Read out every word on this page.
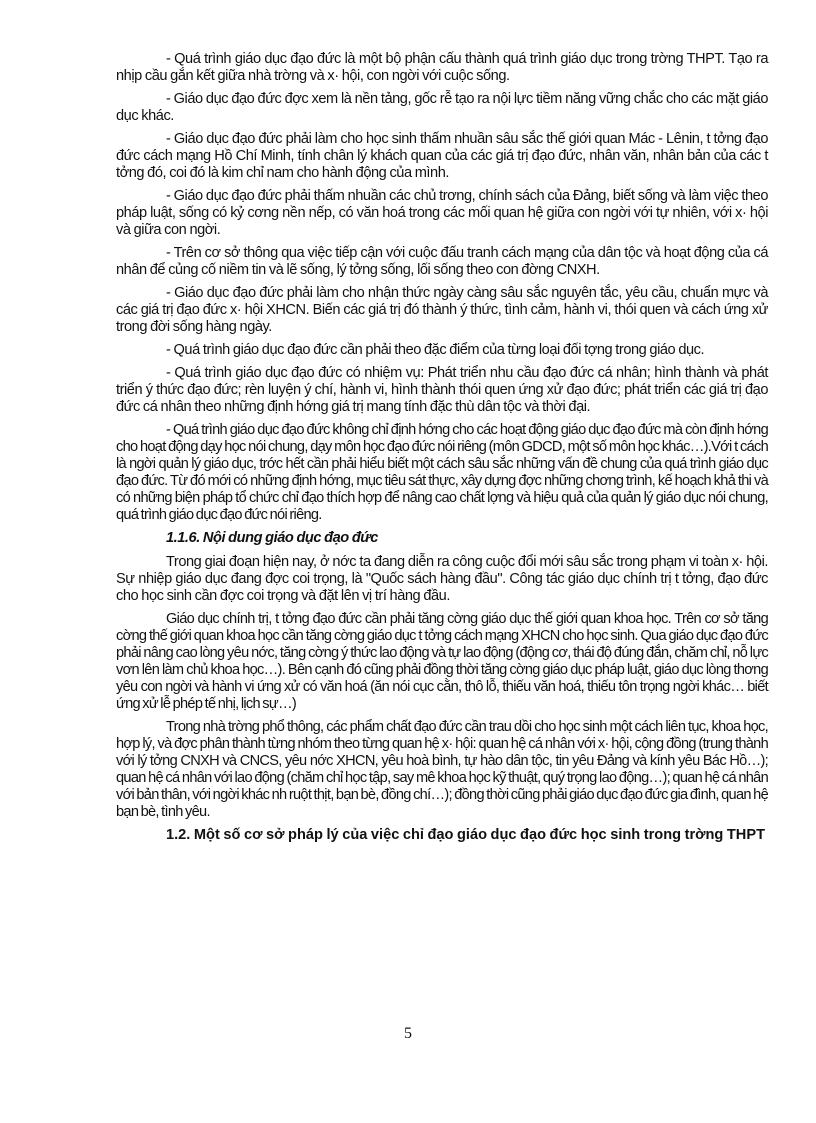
- Quá trình giáo dục đạo đức là một bộ phận cấu thành quá trình giáo dục trong trờng THPT. Tạo ra nhịp cầu gắn kết giữa nhà trờng và x· hội, con ngời với cuộc sống.

- Giáo dục đạo đức đợc xem là nền tảng, gốc rễ tạo ra nội lực tiềm năng vững chắc cho các mặt giáo dục khác.

- Giáo dục đạo đức phải làm cho học sinh thấm nhuần sâu sắc thế giới quan Mác - Lênin, t tởng đạo đức cách mạng Hồ Chí Minh, tính chân lý khách quan của các giá trị đạo đức, nhân văn, nhân bản của các t tởng đó, coi đó là kim chỉ nam cho hành động của mình.

- Giáo dục đạo đức phải thấm nhuần các chủ trơng, chính sách của Đảng, biết sống và làm việc theo pháp luật, sống có kỷ cơng nền nếp, có văn hoá trong các mối quan hệ giữa con ngời với tự nhiên, với x· hội và giữa con ngời.

- Trên cơ sở thông qua việc tiếp cận với cuộc đấu tranh cách mạng của dân tộc và hoạt động của cá nhân để củng cố niềm tin và lẽ sống, lý tởng sống, lối sống theo con đờng CNXH.

- Giáo dục đạo đức phải làm cho nhận thức ngày càng sâu sắc nguyên tắc, yêu cầu, chuẩn mực và các giá trị đạo đức x· hội XHCN. Biến các giá trị đó thành ý thức, tình cảm, hành vi, thói quen và cách ứng xử trong đời sống hàng ngày.

- Quá trình giáo dục đạo đức cần phải theo đặc điểm của từng loại đối tợng trong giáo dục.

- Quá trình giáo dục đạo đức có nhiệm vụ: Phát triển nhu cầu đạo đức cá nhân; hình thành và phát triển ý thức đạo đức; rèn luyện ý chí, hành vi, hình thành thói quen ứng xử đạo đức; phát triển các giá trị đạo đức cá nhân theo những định hớng giá trị mang tính đặc thù dân tộc và thời đại.

- Quá trình giáo dục đạo đức không chỉ định hớng cho các hoạt động giáo dục đạo đức mà còn định hớng cho hoạt động dạy học nói chung, dạy môn học đạo đức nói riêng (môn GDCD, một số môn học khác…).Với t cách là ngời quản lý giáo dục, trớc hết cần phải hiểu biết một cách sâu sắc những vấn đề chung của quá trình giáo dục đạo đức. Từ đó mới có những định hớng, mục tiêu sát thực, xây dựng đợc những chơng trình, kế hoạch khả thi và có những biện pháp tổ chức chỉ đạo thích hợp để nâng cao chất lợng và hiệu quả của quản lý giáo dục nói chung, quá trình giáo dục đạo đức nói riêng.

1.1.6. Nội dung giáo dục đạo đức

Trong giai đoạn hiện nay, ở nớc ta đang diễn ra công cuộc đổi mới sâu sắc trong phạm vi toàn x· hội. Sự nhiệp giáo dục đang đợc coi trọng, là "Quốc sách hàng đầu". Công tác giáo dục chính trị t tởng, đạo đức cho học sinh cần đợc coi trọng và đặt lên vị trí hàng đầu.

Giáo dục chính trị, t tởng đạo đức cần phải tăng cờng giáo dục thế giới quan khoa học. Trên cơ sở tăng cờng thế giới quan khoa học cần tăng cờng giáo dục t tởng cách mạng XHCN cho học sinh. Qua giáo dục đạo đức phải nâng cao lòng yêu nớc, tăng cờng ý thức lao động và tự lao động (động cơ, thái độ đúng đắn, chăm chỉ, nỗ lực vơn lên làm chủ khoa học…). Bên cạnh đó cũng phải đồng thời tăng cờng giáo dục pháp luật, giáo dục lòng thơng yêu con ngời và hành vi ứng xử có văn hoá (ăn nói cục cằn, thô lỗ, thiếu văn hoá, thiếu tôn trọng ngời khác… biết ứng xử lễ phép tế nhị, lịch sự…)

Trong nhà trờng phổ thông, các phẩm chất đạo đức cần trau dồi cho học sinh một cách liên tục, khoa học, hợp lý, và đợc phân thành từng nhóm theo từng quan hệ x· hội: quan hệ cá nhân với x· hội, cộng đồng (trung thành với lý tởng CNXH và CNCS, yêu nớc XHCN, yêu hoà bình, tự hào dân tộc, tin yêu Đảng và kính yêu Bác Hồ…); quan hệ cá nhân với lao động (chăm chỉ học tập, say mê khoa học kỹ thuật, quý trọng lao động…); quan hệ cá nhân với bản thân, với ngời khác nh ruột thịt, bạn bè, đồng chí…); đồng thời cũng phải giáo dục đạo đức gia đình, quan hệ bạn bè, tình yêu.

1.2. Một số cơ sở pháp lý của việc chỉ đạo giáo dục đạo đức học sinh trong trờng THPT

5
